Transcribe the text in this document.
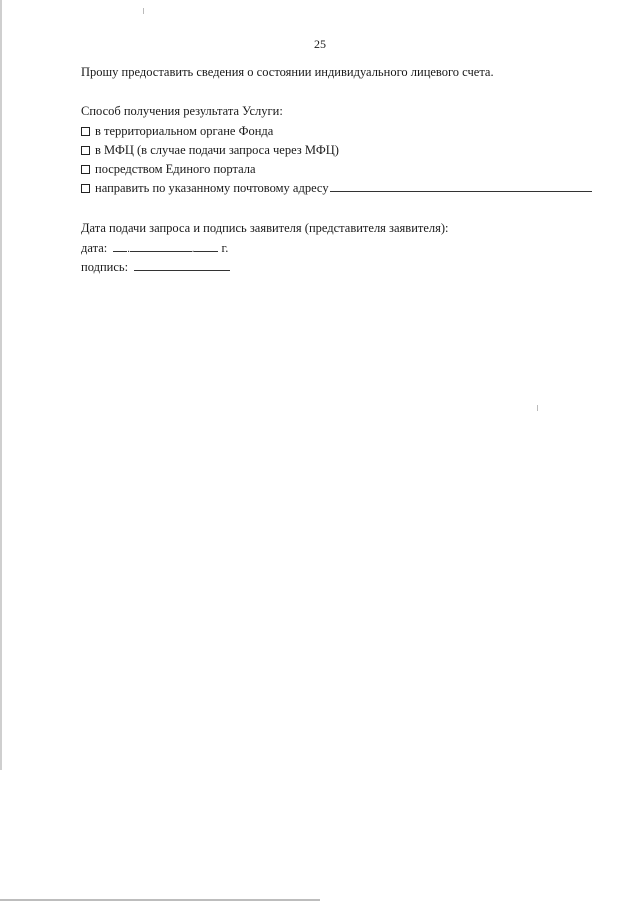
25
Прошу предоставить сведения о состоянии индивидуального лицевого счета.
Способ получения результата Услуги:
в территориальном органе Фонда
в МФЦ (в случае подачи запроса через МФЦ)
посредством Единого портала
направить по указанному почтовому адресу
Дата подачи запроса и подпись заявителя (представителя заявителя):
дата: .	. г.
подпись:
